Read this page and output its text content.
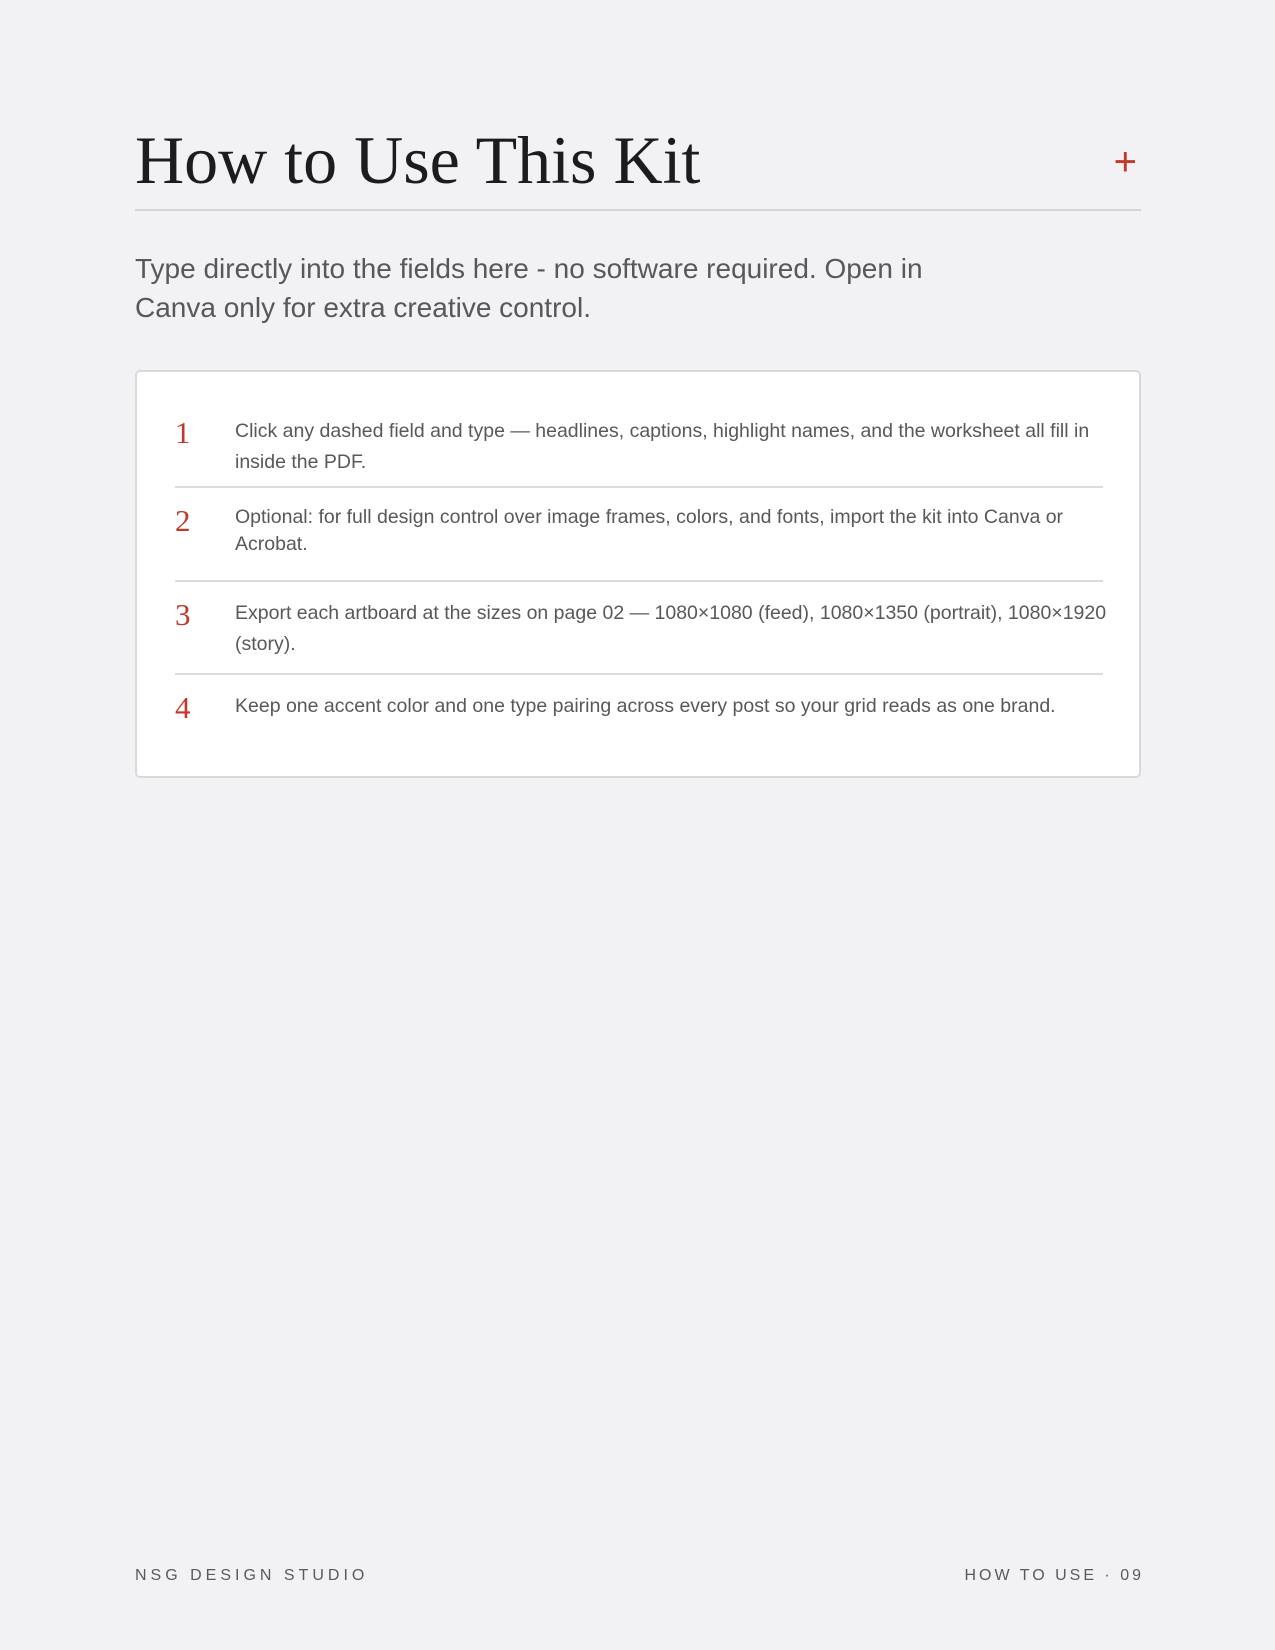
How to Use This Kit	+

Type directly into the fields here - no software required. Open in Canva only for extra creative control.

1 Click any dashed field and type — headlines, captions, highlight names, and the worksheet all fill in inside the PDF.

2 Optional: for full design control over image frames, colors, and fonts, import the kit into Canva or Acrobat.

3 Export each artboard at the sizes on page 02 — 1080×1080 (feed), 1080×1350 (portrait), 1080×1920 (story).

4 Keep one accent color and one type pairing across every post so your grid reads as one brand.

NSG DESIGN STUDIO	HOW TO USE · 09
